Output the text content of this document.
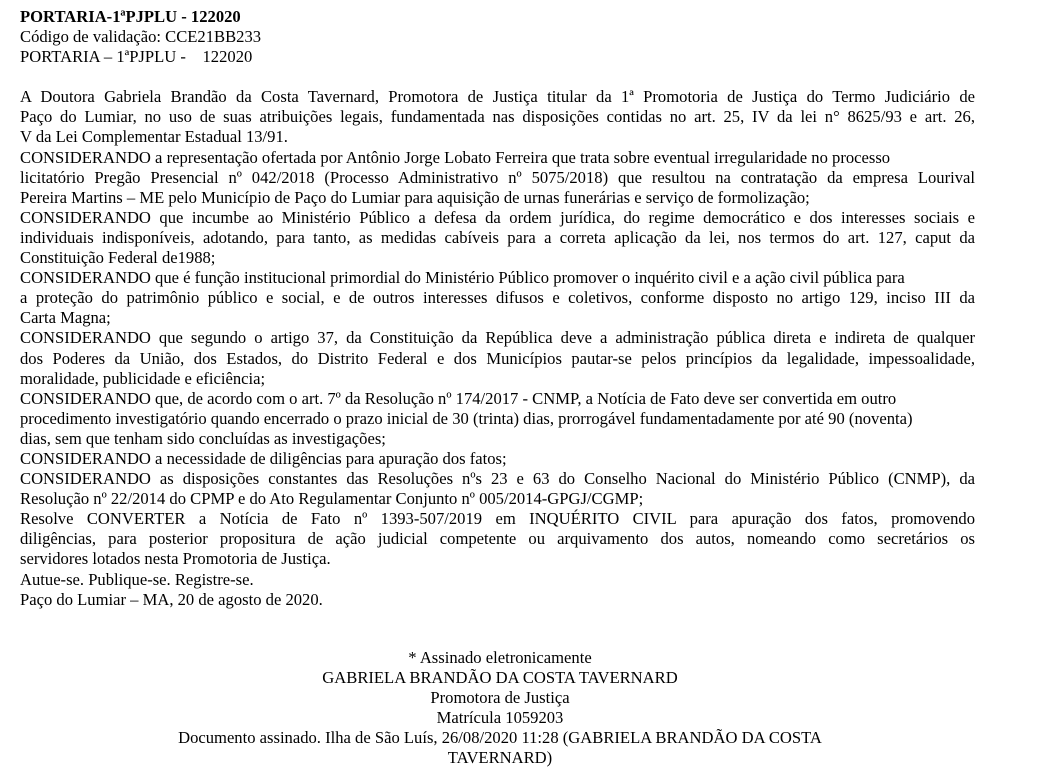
PORTARIA-1ªPJPLU - 122020
Código de validação: CCE21BB233
PORTARIA – 1ªPJPLU -    122020
A Doutora Gabriela Brandão da Costa Tavernard, Promotora de Justiça titular da 1ª Promotoria de Justiça do Termo Judiciário de
Paço do Lumiar, no uso de suas atribuições legais, fundamentada nas disposições contidas no art. 25, IV da lei n° 8625/93 e art. 26,
V da Lei Complementar Estadual 13/91.
CONSIDERANDO a representação ofertada por Antônio Jorge Lobato Ferreira que trata sobre eventual irregularidade no processo
licitatório Pregão Presencial nº 042/2018 (Processo Administrativo nº 5075/2018) que resultou na contratação da empresa Lourival
Pereira Martins – ME pelo Município de Paço do Lumiar para aquisição de urnas funerárias e serviço de formolização;
CONSIDERANDO que incumbe ao Ministério Público a defesa da ordem jurídica, do regime democrático e dos interesses sociais e
individuais indisponíveis, adotando, para tanto, as medidas cabíveis para a correta aplicação da lei, nos termos do art. 127, caput da
Constituição Federal de1988;
CONSIDERANDO que é função institucional primordial do Ministério Público promover o inquérito civil e a ação civil pública para
a proteção do patrimônio público e social, e de outros interesses difusos e coletivos, conforme disposto no artigo 129, inciso III da
Carta Magna;
CONSIDERANDO que segundo o artigo 37, da Constituição da República deve a administração pública direta e indireta de qualquer
dos Poderes da União, dos Estados, do Distrito Federal e dos Municípios pautar-se pelos princípios da legalidade, impessoalidade,
moralidade, publicidade e eficiência;
CONSIDERANDO que, de acordo com o art. 7º da Resolução nº 174/2017 - CNMP, a Notícia de Fato deve ser convertida em outro
procedimento investigatório quando encerrado o prazo inicial de 30 (trinta) dias, prorrogável fundamentadamente por até 90 (noventa)
dias, sem que tenham sido concluídas as investigações;
CONSIDERANDO a necessidade de diligências para apuração dos fatos;
CONSIDERANDO as disposições constantes das Resoluções nºs 23 e 63 do Conselho Nacional do Ministério Público (CNMP), da
Resolução nº 22/2014 do CPMP e do Ato Regulamentar Conjunto nº 005/2014-GPGJ/CGMP;
Resolve CONVERTER a Notícia de Fato nº 1393-507/2019 em INQUÉRITO CIVIL para apuração dos fatos, promovendo
diligências, para posterior propositura de ação judicial competente ou arquivamento dos autos, nomeando como secretários os
servidores lotados nesta Promotoria de Justiça.
Autue-se. Publique-se. Registre-se.
Paço do Lumiar – MA, 20 de agosto de 2020.
* Assinado eletronicamente
GABRIELA BRANDÃO DA COSTA TAVERNARD
Promotora de Justiça
Matrícula 1059203
Documento assinado. Ilha de São Luís, 26/08/2020 11:28 (GABRIELA BRANDÃO DA COSTA
TAVERNARD)
